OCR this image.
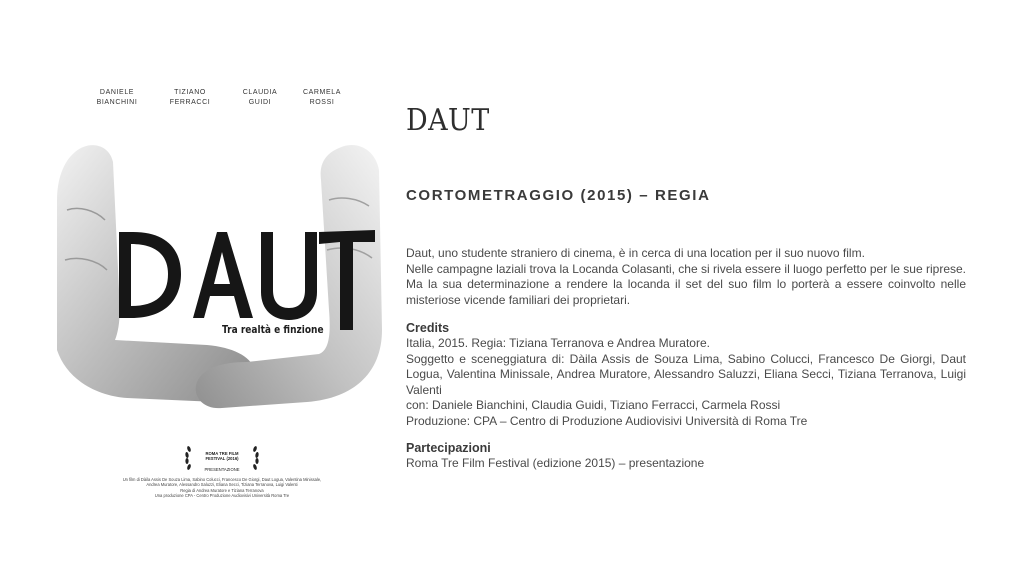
DANIELE
BIANCHINI
TIZIANO
FERRACCI
CLAUDIA
GUIDI
CARMELA
ROSSI
Tra realtà e finzione

ROMA TRE FILM
FESTIVAL (2016)

PRESENTAZIONE

Un film di Dàila Assis De Souza Lima, Sabino Colucci, Francesco De Giorgi, Daut Logua, Valentina Minissale,
Andrea Muratore, Alessandro Saluzzi, Eliana Secci, Tiziana Terranova, Luigi Valenti
Regia di Andrea Muratore e Tiziana Terranova
Una produzione CPA - Centro Produzione Audiovisivi Università Roma Tre
DAUT
CORTOMETRAGGIO (2015) – REGIA

Daut, uno studente straniero di cinema, è in cerca di una location per il suo nuovo film.

Nelle campagne laziali trova la Locanda Colasanti, che si rivela essere il luogo perfetto per le sue riprese. Ma la sua determinazione a rendere la locanda il set del suo film lo porterà a essere coinvolto nelle misteriose vicende familiari dei proprietari.

Credits

Italia, 2015. Regia: Tiziana Terranova e Andrea Muratore.

Soggetto e sceneggiatura di: Dàila Assis de Souza Lima, Sabino Colucci, Francesco De Giorgi, Daut Logua, Valentina Minissale, Andrea Muratore, Alessandro Saluzzi, Eliana Secci, Tiziana Terranova, Luigi Valenti

con: Daniele Bianchini, Claudia Guidi, Tiziano Ferracci, Carmela Rossi

Produzione: CPA – Centro di Produzione Audiovisivi Università di Roma Tre

Partecipazioni

Roma Tre Film Festival (edizione 2015) – presentazione
